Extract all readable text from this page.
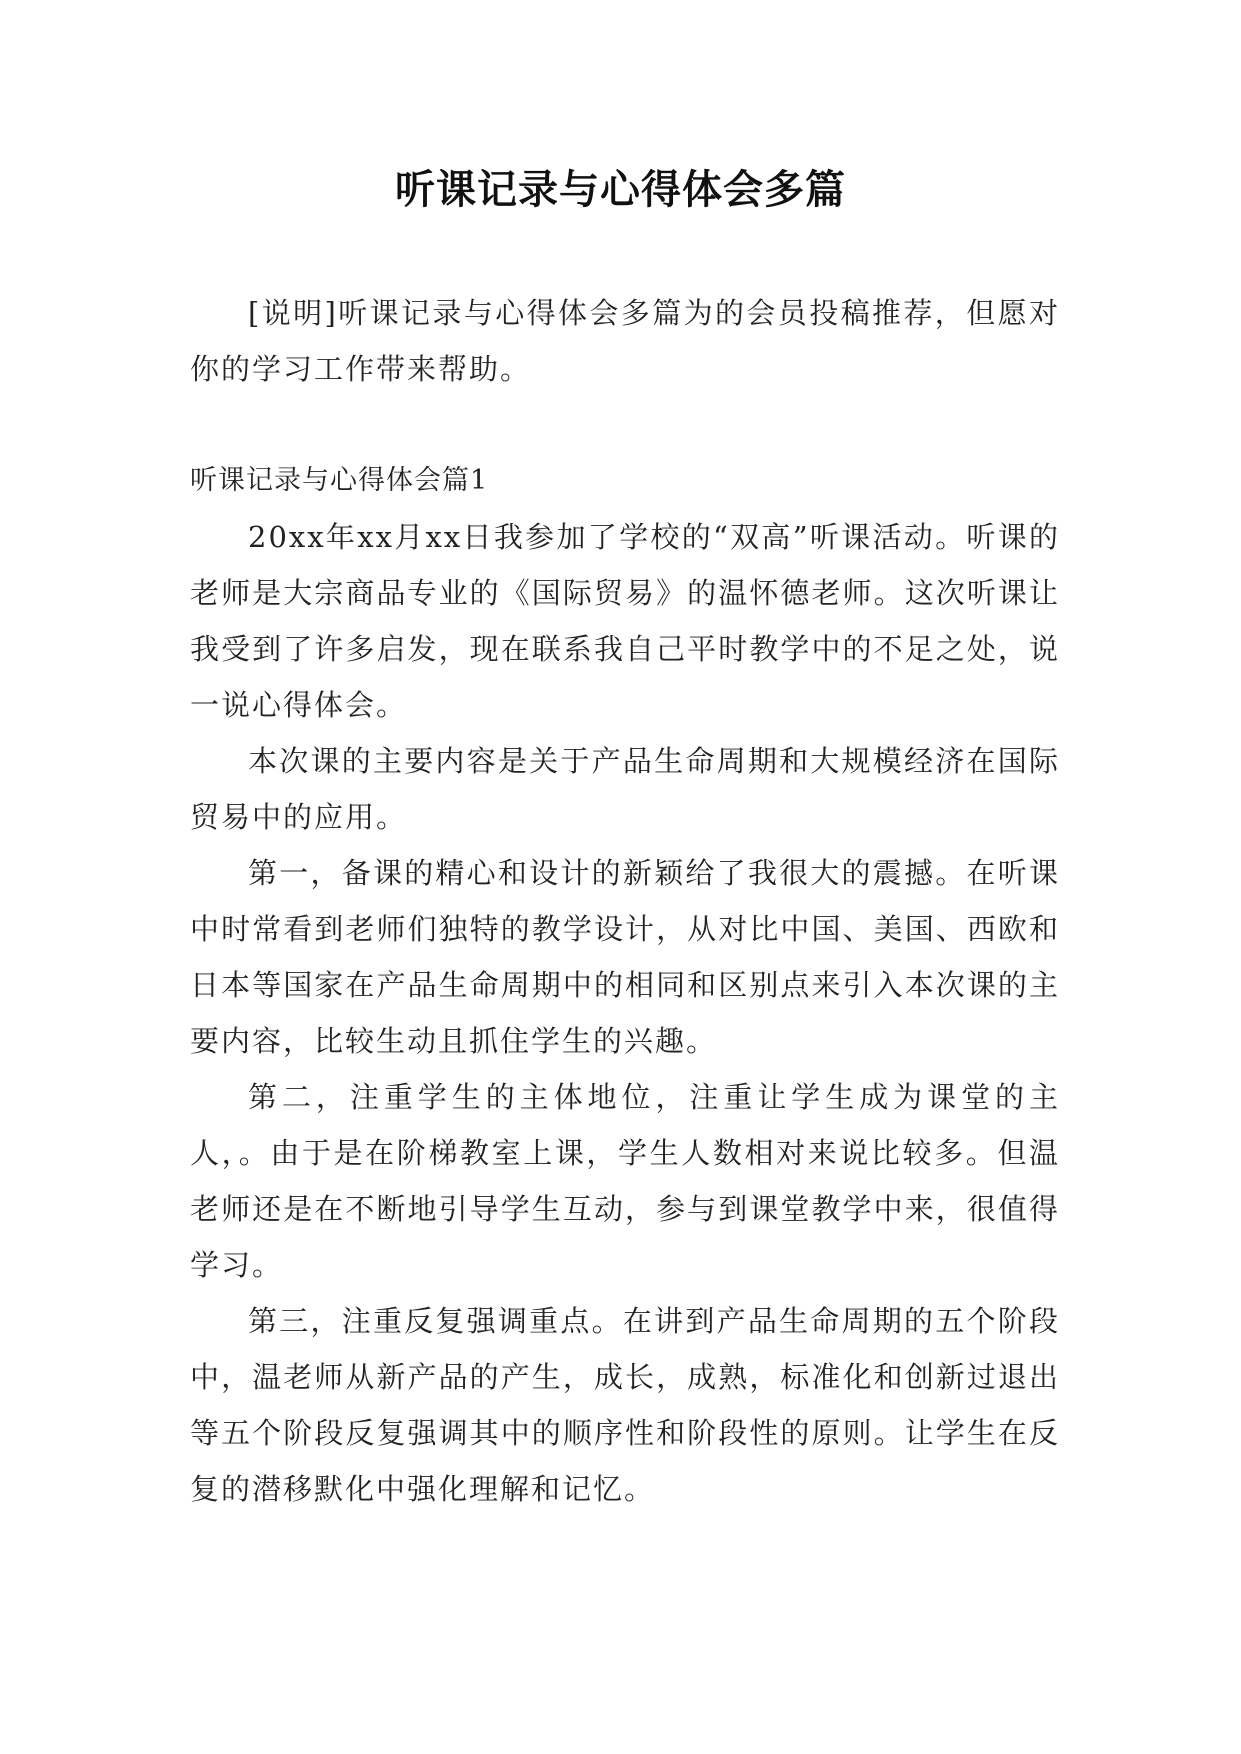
听课记录与心得体会多篇

[说明]听课记录与心得体会多篇为的会员投稿推荐，但愿对你的学习工作带来帮助。

听课记录与心得体会篇1

20xx年xx月xx日我参加了学校的“双高”听课活动。听课的老师是大宗商品专业的《国际贸易》的温怀德老师。这次听课让我受到了许多启发，现在联系我自己平时教学中的不足之处，说一说心得体会。

本次课的主要内容是关于产品生命周期和大规模经济在国际贸易中的应用。

第一，备课的精心和设计的新颖给了我很大的震撼。在听课中时常看到老师们独特的教学设计，从对比中国、美国、西欧和日本等国家在产品生命周期中的相同和区别点来引入本次课的主要内容，比较生动且抓住学生的兴趣。

第二，注重学生的主体地位，注重让学生成为课堂的主人，。由于是在阶梯教室上课，学生人数相对来说比较多。但温老师还是在不断地引导学生互动，参与到课堂教学中来，很值得学习。

第三，注重反复强调重点。在讲到产品生命周期的五个阶段中，温老师从新产品的产生，成长，成熟，标准化和创新过退出等五个阶段反复强调其中的顺序性和阶段性的原则。让学生在反复的潜移默化中强化理解和记忆。
